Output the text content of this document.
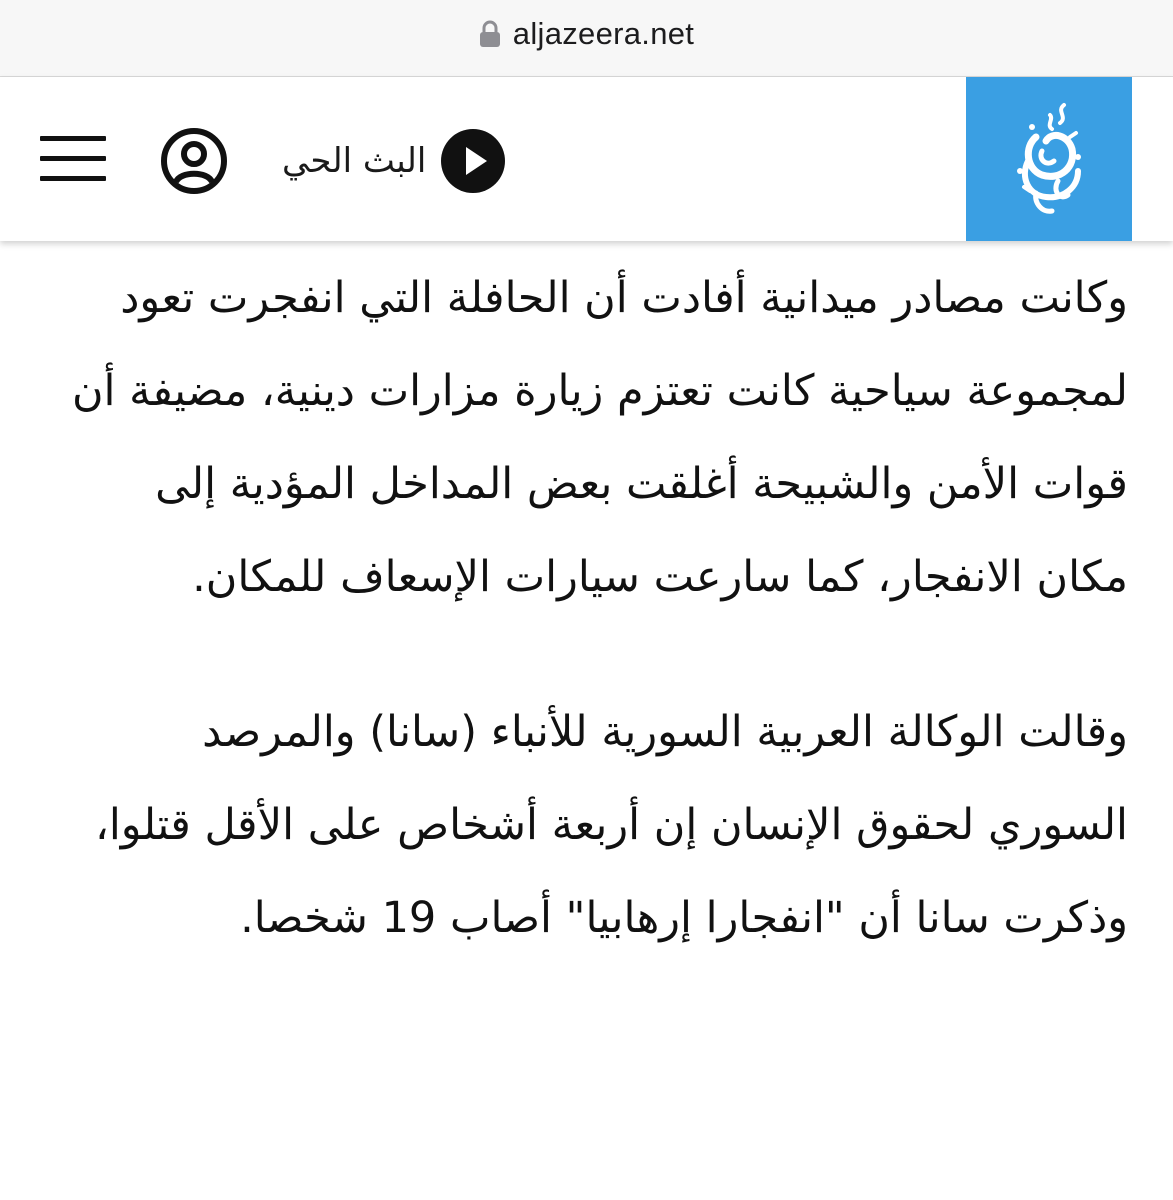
aljazeera.net
البث الحي

وكانت مصادر ميدانية أفادت أن الحافلة التي انفجرت تعود لمجموعة سياحية كانت تعتزم زيارة مزارات دينية، مضيفة أن قوات الأمن والشبيحة أغلقت بعض المداخل المؤدية إلى مكان الانفجار، كما سارعت سيارات الإسعاف للمكان.

وقالت الوكالة العربية السورية للأنباء (سانا) والمرصد السوري لحقوق الإنسان إن أربعة أشخاص على الأقل قتلوا، وذكرت سانا أن "انفجارا إرهابيا" أصاب 19 شخصا.
